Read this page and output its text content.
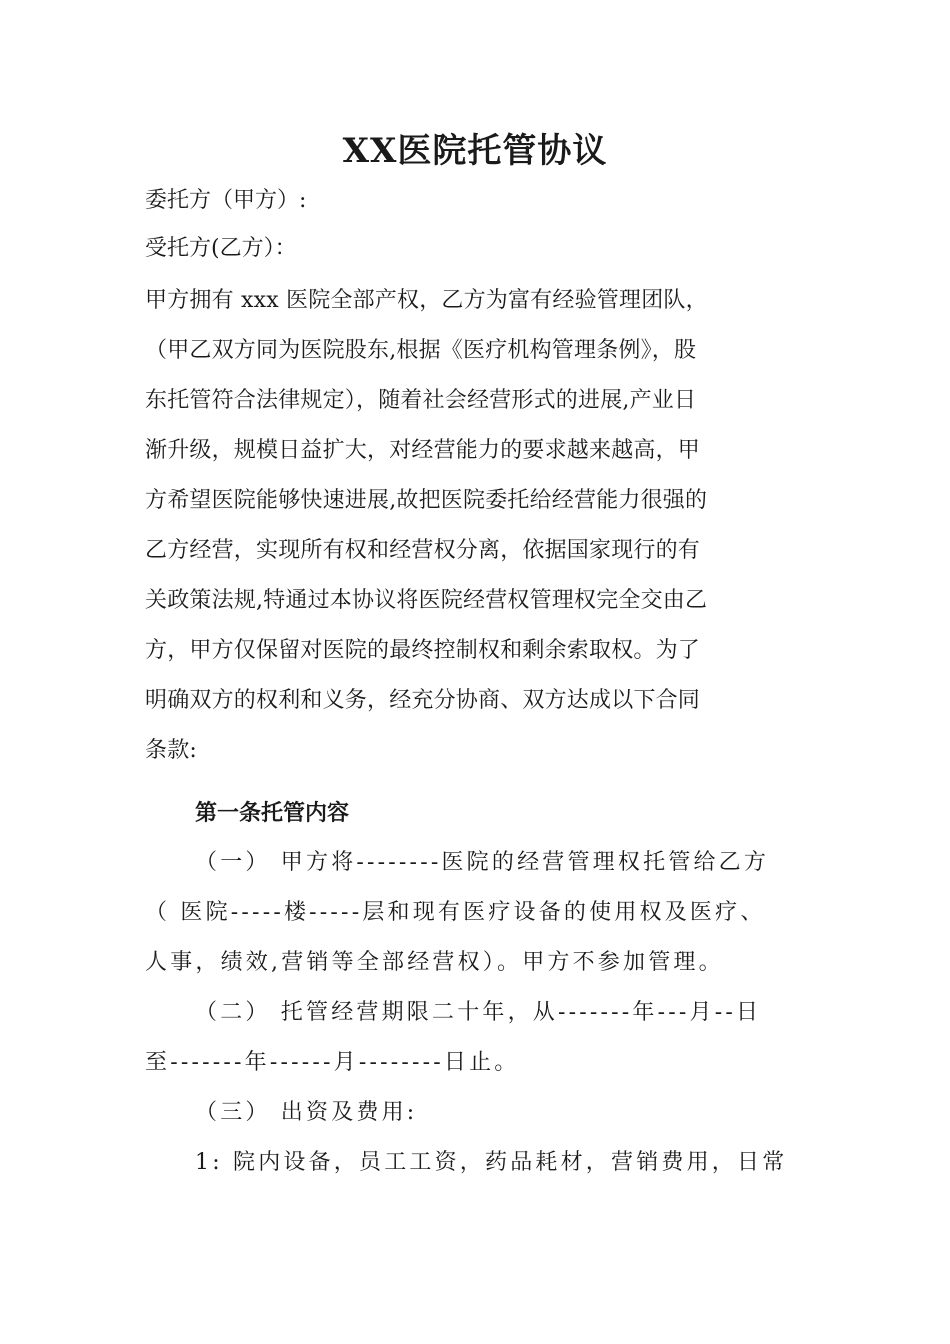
XX医院托管协议

委托方（甲方）:

受托方(乙方）：

甲方拥有 xxx 医院全部产权，乙方为富有经验管理团队，
（甲乙双方同为医院股东,根据《医疗机构管理条例》，股
东托管符合法律规定），随着社会经营形式的进展,产业日
渐升级，规模日益扩大，对经营能力的要求越来越高，甲
方希望医院能够快速进展,故把医院委托给经营能力很强的
乙方经营，实现所有权和经营权分离，依据国家现行的有
关政策法规,特通过本协议将医院经营权管理权完全交由乙
方，甲方仅保留对医院的最终控制权和剩余索取权。为了
明确双方的权利和义务，经充分协商、双方达成以下合同
条款:
第一条托管内容
（一） 甲方将--------医院的经营管理权托管给乙方
（ 医院-----楼-----层和现有医疗设备的使用权及医疗、
人事，绩效,营销等全部经营权）。甲方不参加管理。
（二） 托管经营期限二十年，从-------年---月--日
至-------年------月--------日止。
（三） 出资及费用:
1: 院内设备，员工工资，药品耗材，营销费用，日常
